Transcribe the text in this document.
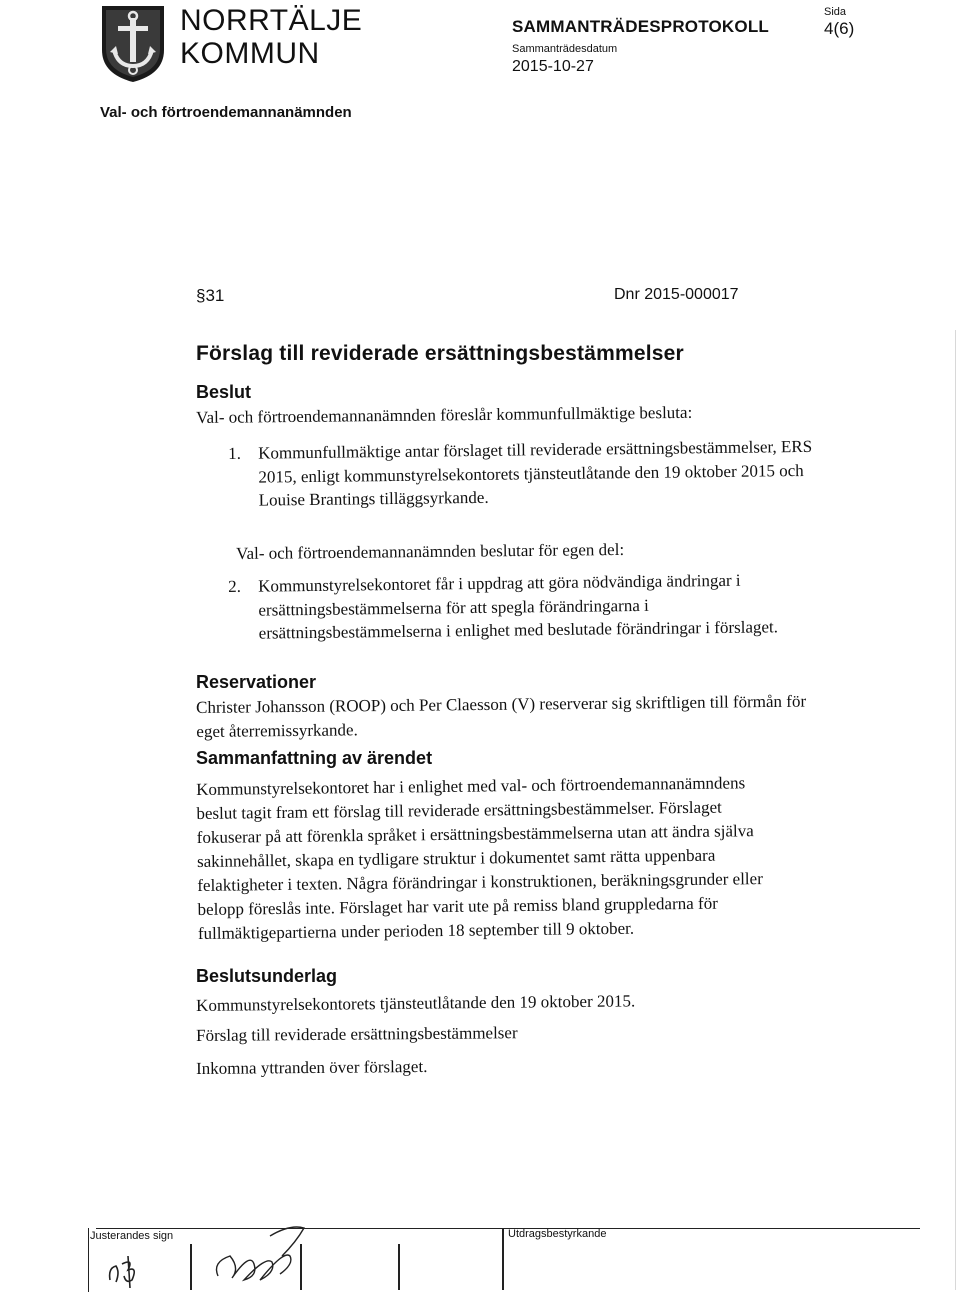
NORRTÄLJE
KOMMUN
SAMMANTRÄDESPROTOKOLL
Sammanträdesdatum
2015-10-27
Sida
4(6)
Val- och förtroendemannanämnden
§31	Dnr 2015-000017
Förslag till reviderade ersättningsbestämmelser
Beslut
Val- och förtroendemannanämnden föreslår kommunfullmäktige besluta:
1. Kommunfullmäktige antar förslaget till reviderade ersättningsbestämmelser, ERS 2015, enligt kommunstyrelsekontorets tjänsteutlåtande den 19 oktober 2015 och Louise Brantings tilläggsyrkande.
Val- och förtroendemannanämnden beslutar för egen del:
2. Kommunstyrelsekontoret får i uppdrag att göra nödvändiga ändringar i ersättningsbestämmelserna för att spegla förändringarna i ersättningsbestämmelserna i enlighet med beslutade förändringar i förslaget.
Reservationer
Christer Johansson (ROOP) och Per Claesson (V) reserverar sig skriftligen till förmån för eget återremissyrkande.
Sammanfattning av ärendet
Kommunstyrelsekontoret har i enlighet med val- och förtroendemannanämndens beslut tagit fram ett förslag till reviderade ersättningsbestämmelser. Förslaget fokuserar på att förenkla språket i ersättningsbestämmelserna utan att ändra själva sakinnehållet, skapa en tydligare struktur i dokumentet samt rätta uppenbara felaktigheter i texten. Några förändringar i konstruktionen, beräkningsgrunder eller belopp föreslås inte. Förslaget har varit ute på remiss bland gruppledarna för fullmäktigepartierna under perioden 18 september till 9 oktober.
Beslutsunderlag
Kommunstyrelsekontorets tjänsteutlåtande den 19 oktober 2015.
Förslag till reviderade ersättningsbestämmelser
Inkomna yttranden över förslaget.
Justerandes sign	Utdragsbestyrkande
